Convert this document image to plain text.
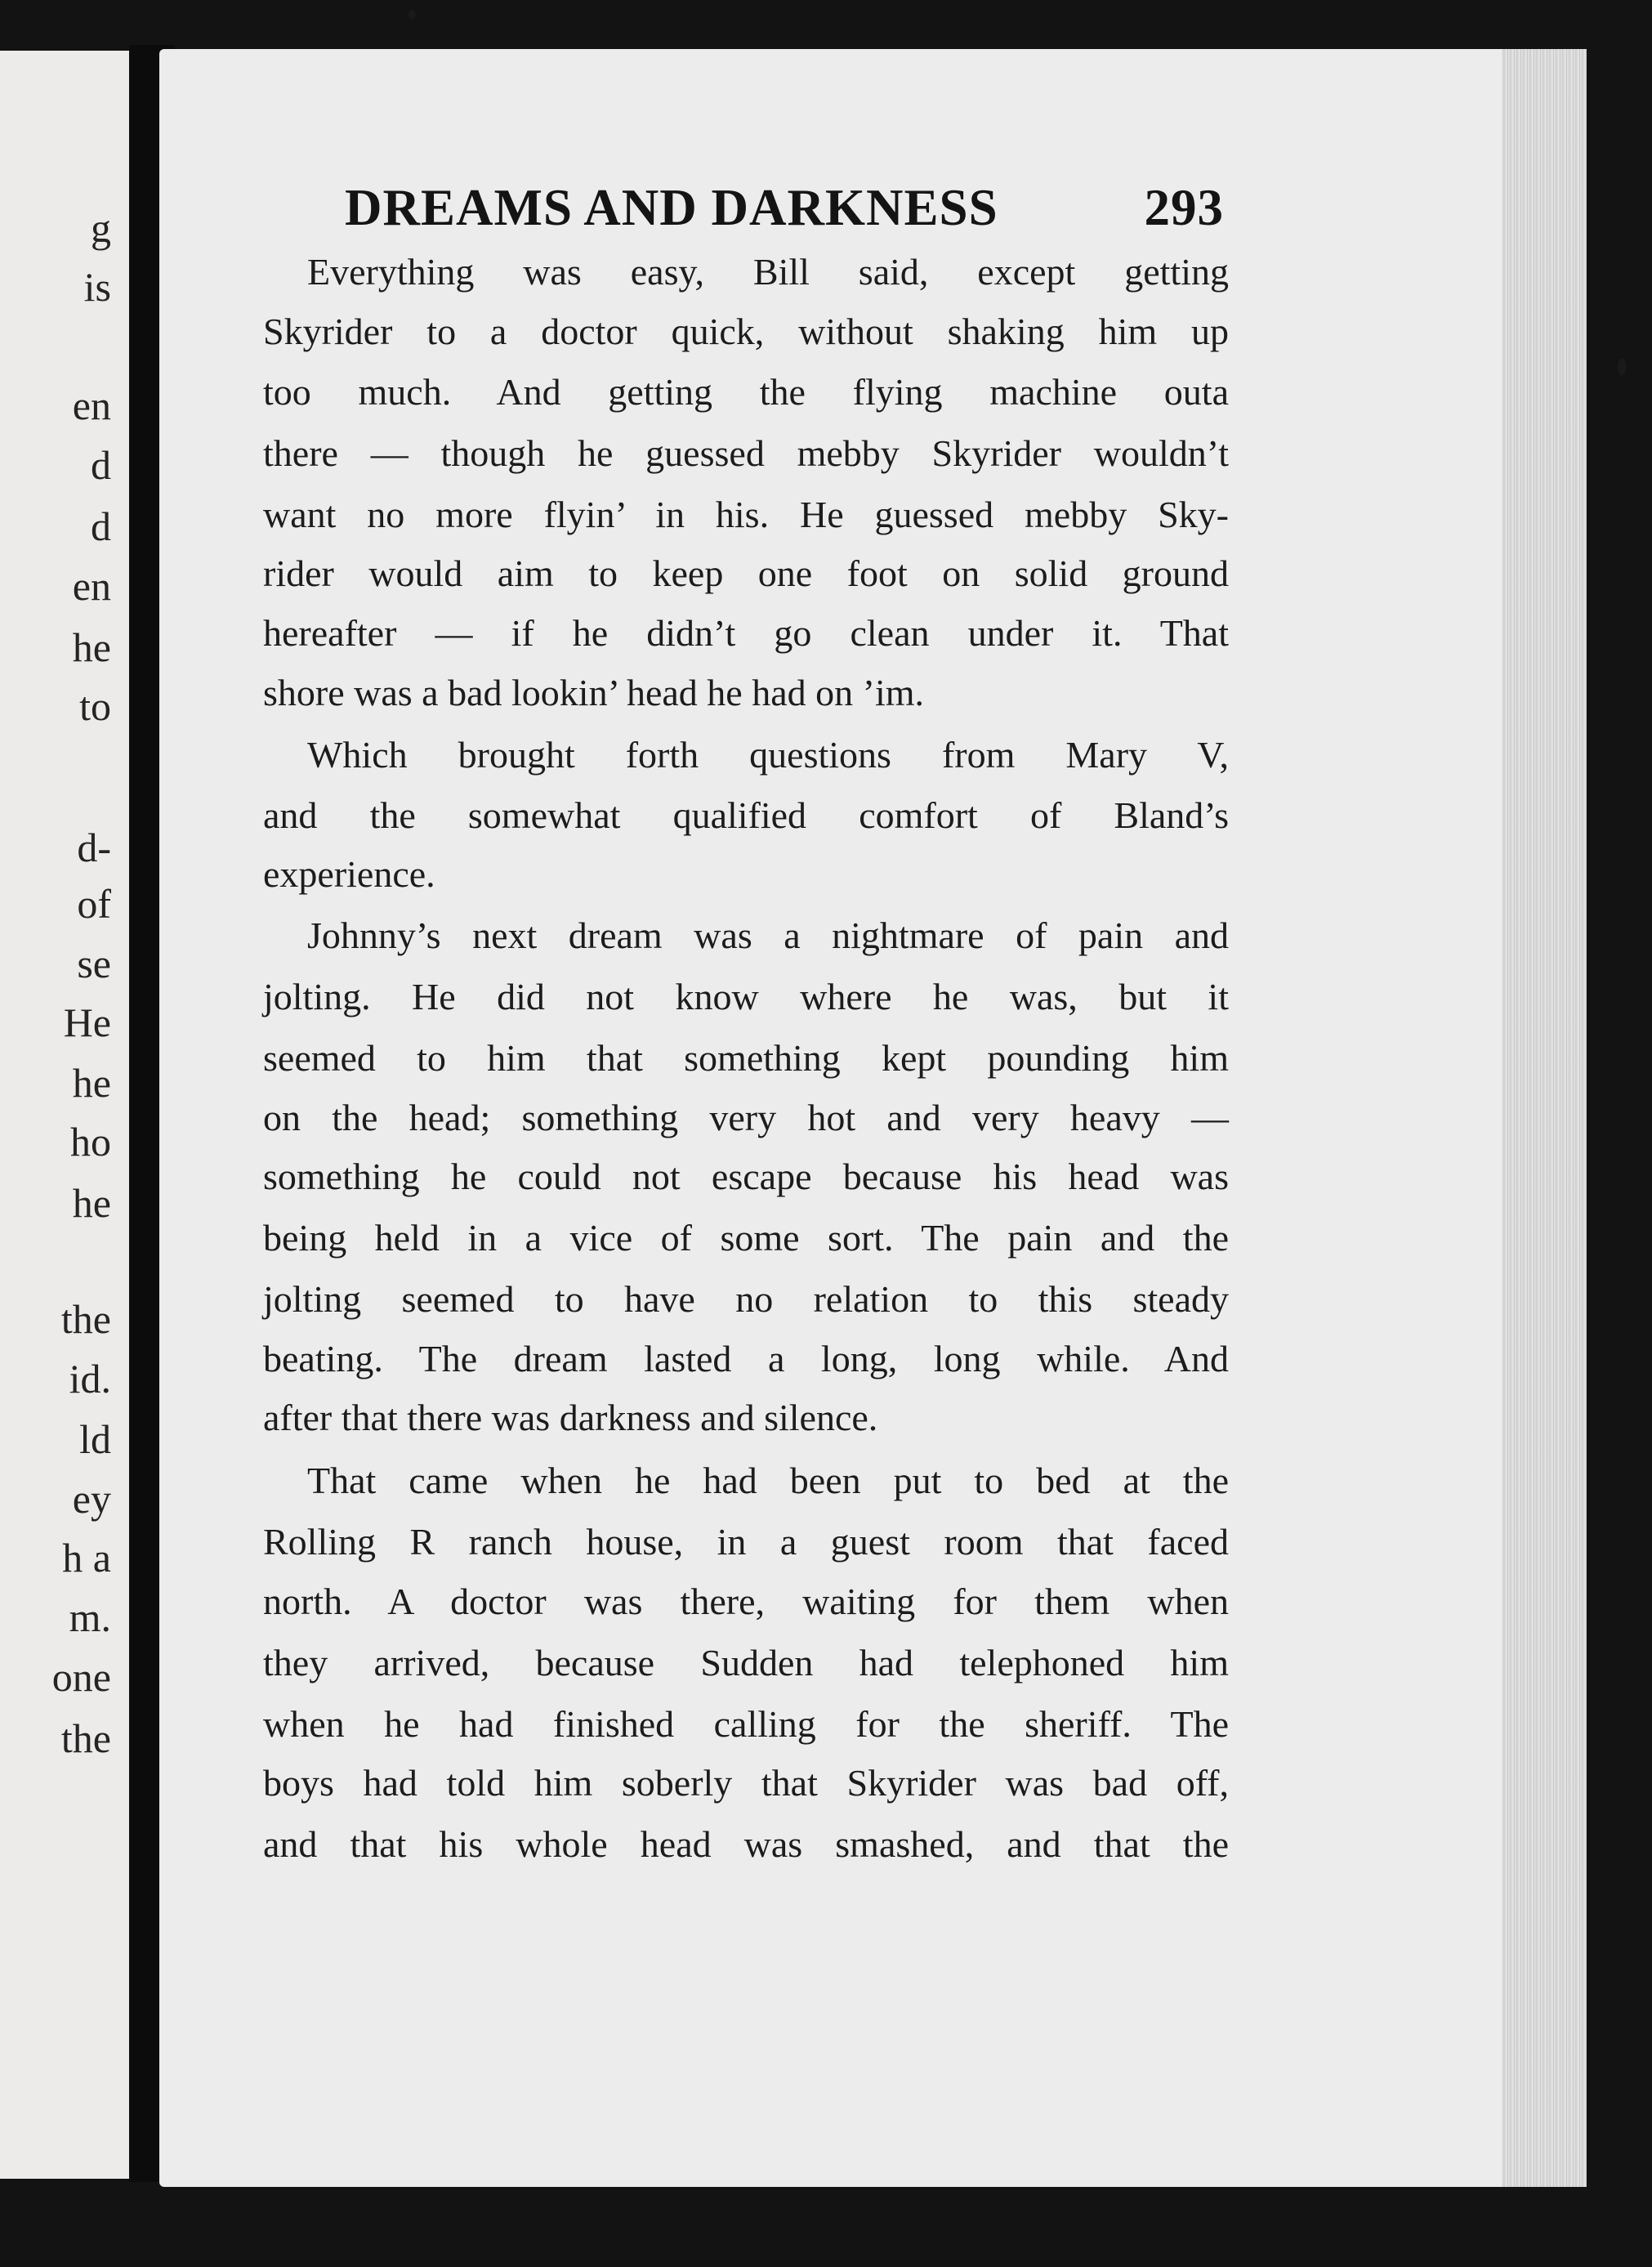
g
is
en
d
d
en
he
to
d-
of
se
He
he
ho
he
the
id.
ld
ey
h a
m.
one
the
DREAMS AND DARKNESS	293
Everything was easy, Bill said, except getting
Skyrider to a doctor quick, without shaking him up
too much. And getting the flying machine outa
there — though he guessed mebby Skyrider wouldn’t
want no more flyin’ in his. He guessed mebby Sky-
rider would aim to keep one foot on solid ground
hereafter — if he didn’t go clean under it. That
shore was a bad lookin’ head he had on ’im.
Which brought forth questions from Mary V,
and the somewhat qualified comfort of Bland’s
experience.
Johnny’s next dream was a nightmare of pain and
jolting. He did not know where he was, but it
seemed to him that something kept pounding him
on the head; something very hot and very heavy —
something he could not escape because his head was
being held in a vice of some sort. The pain and the
jolting seemed to have no relation to this steady
beating. The dream lasted a long, long while. And
after that there was darkness and silence.
That came when he had been put to bed at the
Rolling R ranch house, in a guest room that faced
north. A doctor was there, waiting for them when
they arrived, because Sudden had telephoned him
when he had finished calling for the sheriff. The
boys had told him soberly that Skyrider was bad off,
and that his whole head was smashed, and that the
